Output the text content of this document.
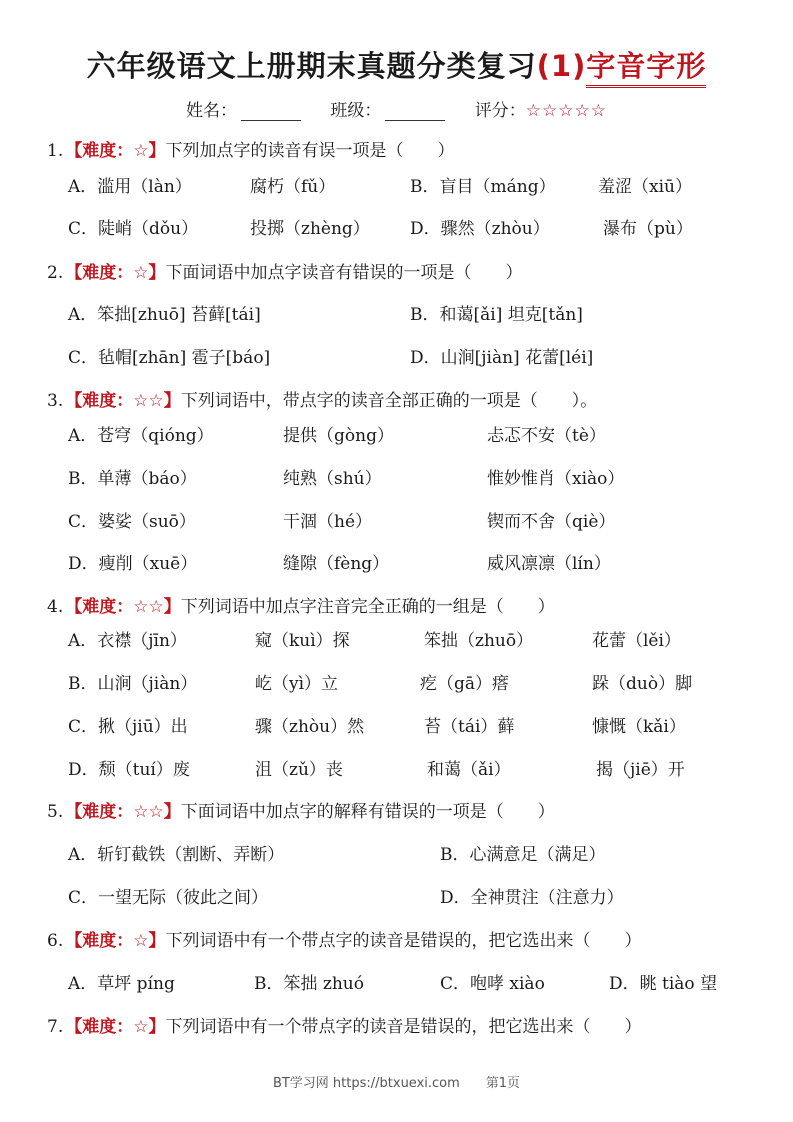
六年级语文上册期末真题分类复习(1)字音字形
姓名：	班级：	评分：☆☆☆☆☆
1. 【难度：☆】下列加点字的读音有误一项是（　　）
A．滥用（làn）	腐朽（fǔ）	B．盲目（máng） 羞涩（xiū）
C．陡峭（dǒu）	投掷（zhèng） D．骤然（zhòu）	瀑布（pù）
2. 【难度：☆】下面词语中加点字读音有错误的一项是（　　）
A．笨拙[zhuō] 苔藓[tái]	B．和蔼[ǎi] 坦克[tǎn]
C．毡帽[zhān] 雹子[báo]	D．山涧[jiàn] 花蕾[léi]
3. 【难度：☆☆】下列词语中，带点字的读音全部正确的一项是（　　）。
A．苍穹（qióng）	提供（gòng）	忐忑不安（tè）
B．单薄（báo）	纯熟（shú）	惟妙惟肖（xiào）
C．婆娑（suō）	干涸（hé）	锲而不舍（qiè）
D．瘦削（xuē）	缝隙（fèng）	威风凛凛（lín）
4. 【难度：☆☆】下列词语中加点字注音完全正确的一组是（　　）
A．衣襟（jīn）	窥（kuì）探	笨拙（zhuō）	花蕾（lěi）
B．山涧（jiàn）	屹（yì）立	疙（gā）瘩	跺（duò）脚
C．揪（jiū）出	骤（zhòu）然	苔（tái）藓	慷慨（kǎi）
D．颓（tuí）废	沮（zǔ）丧	和蔼（ǎi）	揭（jiē）开
5. 【难度：☆☆】下面词语中加点字的解释有错误的一项是（　　）
A．斩钉截铁（割断、弄断）	B．心满意足（满足）
C．一望无际（彼此之间）	D．全神贯注（注意力）
6. 【难度：☆】下列词语中有一个带点字的读音是错误的，把它选出来（　　）
A．草坪 píng	B．笨拙 zhuó	C．咆哮 xiào	D．眺 tiào 望
7. 【难度：☆】下列词语中有一个带点字的读音是错误的，把它选出来（　　）
BT学习网 https://btxuexi.com　　第1页
